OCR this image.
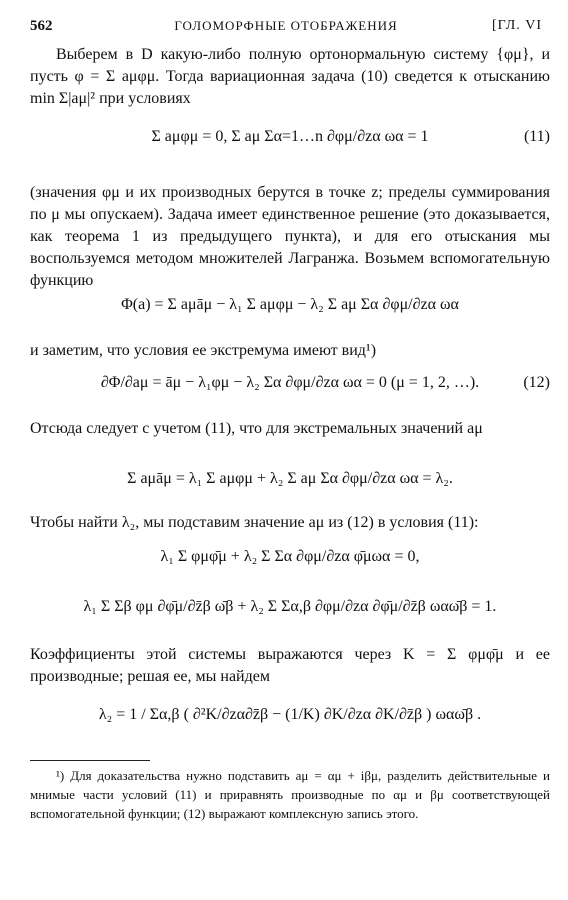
562	ГОЛОМОРФНЫЕ ОТОБРАЖЕНИЯ	[ГЛ. VI
Выберем в D какую-либо полную ортонормальную систему {φμ}, и пусть φ = Σ aμφμ. Тогда вариационная задача (10) сведется к отысканию min Σ|aμ|² при условиях
Σ aμφμ = 0, Σ aμ Σα=1…n ∂φμ/∂zα ωα = 1	(11)
(значения φμ и их производных берутся в точке z; пределы суммирования по μ мы опускаем). Задача имеет единственное решение (это доказывается, как теорема 1 из предыдущего пункта), и для его отыскания мы воспользуемся методом множителей Лагранжа. Возьмем вспомогательную функцию
Φ(a) = Σ aμāμ − λ₁ Σ aμφμ − λ₂ Σ aμ Σα ∂φμ/∂zα ωα
и заметим, что условия ее экстремума имеют вид¹)
∂Φ/∂aμ = āμ − λ₁φμ − λ₂ Σα ∂φμ/∂zα ωα = 0 (μ = 1, 2, …).	(12)
Отсюда следует с учетом (11), что для экстремальных значений aμ
Σ aμāμ = λ₁ Σ aμφμ + λ₂ Σ aμ Σα ∂φμ/∂zα ωα = λ₂.
Чтобы найти λ₂, мы подставим значение aμ из (12) в условия (11):
λ₁ Σ φμφ̄μ + λ₂ Σ Σα ∂φμ/∂zα φ̄μωα = 0,
λ₁ Σ Σβ φμ ∂φ̄μ/∂z̄β ω̄β + λ₂ Σ Σα,β ∂φμ/∂zα ∂φ̄μ/∂z̄β ωαω̄β = 1.
Коэффициенты этой системы выражаются через K = Σ φμφ̄μ и ее производные; решая ее, мы найдем
λ₂ = 1 / Σα,β ( ∂²K/∂zα∂z̄β − (1/K) ∂K/∂zα ∂K/∂z̄β ) ωαω̄β .
¹) Для доказательства нужно подставить aμ = αμ + iβμ, разделить действительные и мнимые части условий (11) и приравнять производные по αμ и βμ соответствующей вспомогательной функции; (12) выражают комплексную запись этого.
